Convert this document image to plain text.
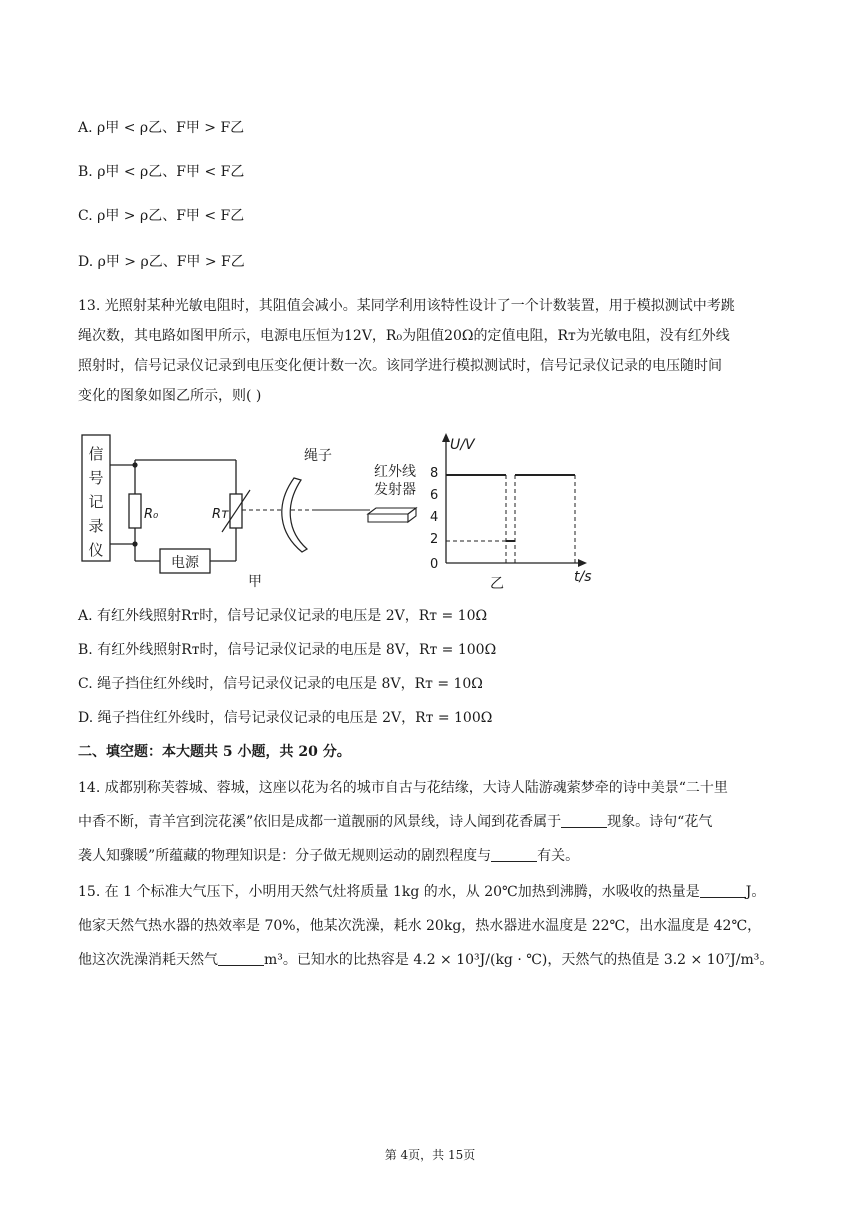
A. ρ甲 < ρ乙、F甲 > F乙
B. ρ甲 < ρ乙、F甲 < F乙
C. ρ甲 > ρ乙、F甲 < F乙
D. ρ甲 > ρ乙、F甲 > F乙
13. 光照射某种光敏电阻时，其阻值会减小。某同学利用该特性设计了一个计数装置，用于模拟测试中考跳
绳次数，其电路如图甲所示，电源电压恒为12V，R₀为阻值20Ω的定值电阻，Rᴛ为光敏电阻，没有红外线
照射时，信号记录仪记录到电压变化便计数一次。该同学进行模拟测试时，信号记录仪记录的电压随时间
变化的图象如图乙所示，则( )
信
号
记
录
仪
R₀
电源
Rᴛ
甲
绳子
红外线
发射器
U/V
t/s
乙
8
6
4
2
0
A. 有红外线照射Rᴛ时，信号记录仪记录的电压是 2V，Rᴛ = 10Ω
B. 有红外线照射Rᴛ时，信号记录仪记录的电压是 8V，Rᴛ = 100Ω
C. 绳子挡住红外线时，信号记录仪记录的电压是 8V，Rᴛ = 10Ω
D. 绳子挡住红外线时，信号记录仪记录的电压是 2V，Rᴛ = 100Ω
二、填空题：本大题共 5 小题，共 20 分。
14. 成都别称芙蓉城、蓉城，这座以花为名的城市自古与花结缘，大诗人陆游魂萦梦牵的诗中美景“二十里
中香不断，青羊宫到浣花溪”依旧是成都一道靓丽的风景线，诗人闻到花香属于	现象。诗句“花气
袭人知骤暖”所蕴藏的物理知识是：分子做无规则运动的剧烈程度与	有关。
15. 在 1 个标准大气压下，小明用天然气灶将质量 1kg 的水，从 20℃加热到沸腾，水吸收的热量是	J。
他家天然气热水器的热效率是 70%，他某次洗澡，耗水 20kg，热水器进水温度是 22℃，出水温度是 42℃，
他这次洗澡消耗天然气	m³。已知水的比热容是 4.2 × 10³J/(kg · ℃)，天然气的热值是 3.2 × 10⁷J/m³。
第 4页，共 15页
